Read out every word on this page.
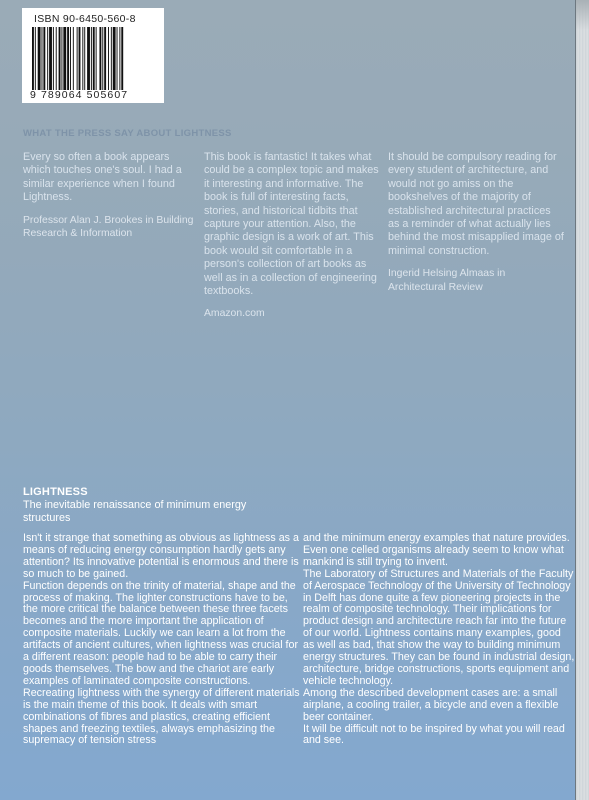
ISBN 90-6450-560-8
9 789064 505607
WHAT THE PRESS SAY ABOUT LIGHTNESS

Every so often a book appears which touches one's soul. I had a similar experience when I found Lightness.

Professor Alan J. Brookes in Building Research & Information

This book is fantastic! It takes what could be a complex topic and makes it interesting and informative. The book is full of interesting facts, stories, and historical tidbits that capture your attention. Also, the graphic design is a work of art. This book would sit comfortable in a person's collection of art books as well as in a collection of engineering textbooks.

Amazon.com

It should be compulsory reading for every student of architecture, and would not go amiss on the bookshelves of the majority of established architectural practices as a reminder of what actually lies behind the most misapplied image of minimal construction.

Ingerid Helsing Almaas in Architectural Review

LIGHTNESS
The inevitable renaissance of minimum energy structures

Isn't it strange that something as obvious as lightness as a means of reducing energy consumption hardly gets any attention? Its innovative potential is enormous and there is so much to be gained.

Function depends on the trinity of material, shape and the process of making. The lighter constructions have to be, the more critical the balance between these three facets becomes and the more important the application of composite materials. Luckily we can learn a lot from the artifacts of ancient cultures, when lightness was crucial for a different reason: people had to be able to carry their goods themselves. The bow and the chariot are early examples of laminated composite constructions. Recreating lightness with the synergy of different materials is the main theme of this book. It deals with smart combinations of fibres and plastics, creating efficient shapes and freezing textiles, always emphasizing the supremacy of tension stress

and the minimum energy examples that nature provides. Even one celled organisms already seem to know what mankind is still trying to invent.

The Laboratory of Structures and Materials of the Faculty of Aerospace Technology of the University of Technology in Delft has done quite a few pioneering projects in the realm of composite technology. Their implications for product design and architecture reach far into the future of our world. Lightness contains many examples, good as well as bad, that show the way to building minimum energy structures. They can be found in industrial design, architecture, bridge constructions, sports equipment and vehicle technology.

Among the described development cases are: a small airplane, a cooling trailer, a bicycle and even a flexible beer container.

It will be difficult not to be inspired by what you will read and see.
